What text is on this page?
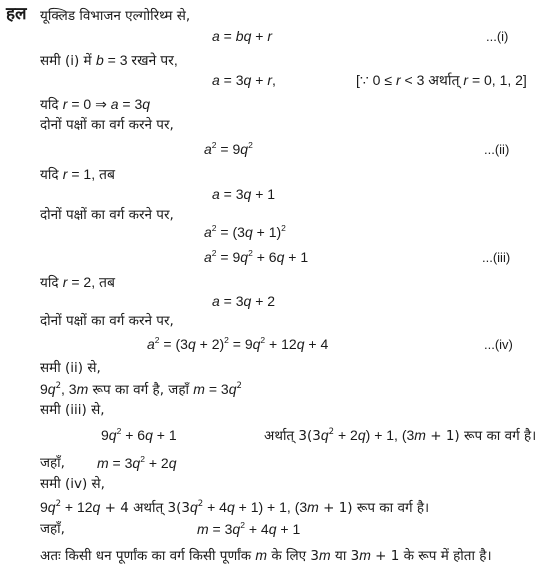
हल यूक्लिड विभाजन एल्गोरिथ्म से,
a = bq + r	...(i)
समी (i) में b = 3 रखने पर,
a = 3q + r,	[∵ 0 ≤ r < 3 अर्थात् r = 0, 1, 2]
यदि r = 0 ⇒ a = 3q
दोनों पक्षों का वर्ग करने पर,
$a^2 = 9q^2$	...(ii)
यदि r = 1, तब
a = 3q + 1
दोनों पक्षों का वर्ग करने पर,
$a^2 = (3q + 1)^2$
$a^2 = 9q^2 + 6q + 1$	...(iii)
यदि r = 2, तब
a = 3q + 2
दोनों पक्षों का वर्ग करने पर,
$a^2 = (3q + 2)^2 = 9q^2 + 12q + 4$	...(iv)
समी (ii) से,
$9q^2$, 3m रूप का वर्ग है, जहाँ $m = 3q^2$
समी (iii) से,
$9q^2 + 6q + 1$	अर्थात् $3(3q^2 + 2q) + 1$, (3m + 1) रूप का वर्ग है।
जहाँ, $m = 3q^2 + 2q$
समी (iv) से,
$9q^2 + 12q + 4$ अर्थात् $3(3q^2 + 4q + 1) + 1$, (3m + 1) रूप का वर्ग है।
जहाँ,	$m = 3q^2 + 4q + 1$
अतः किसी धन पूर्णांक का वर्ग किसी पूर्णांक m के लिए 3m या 3m + 1 के रूप में होता है।
